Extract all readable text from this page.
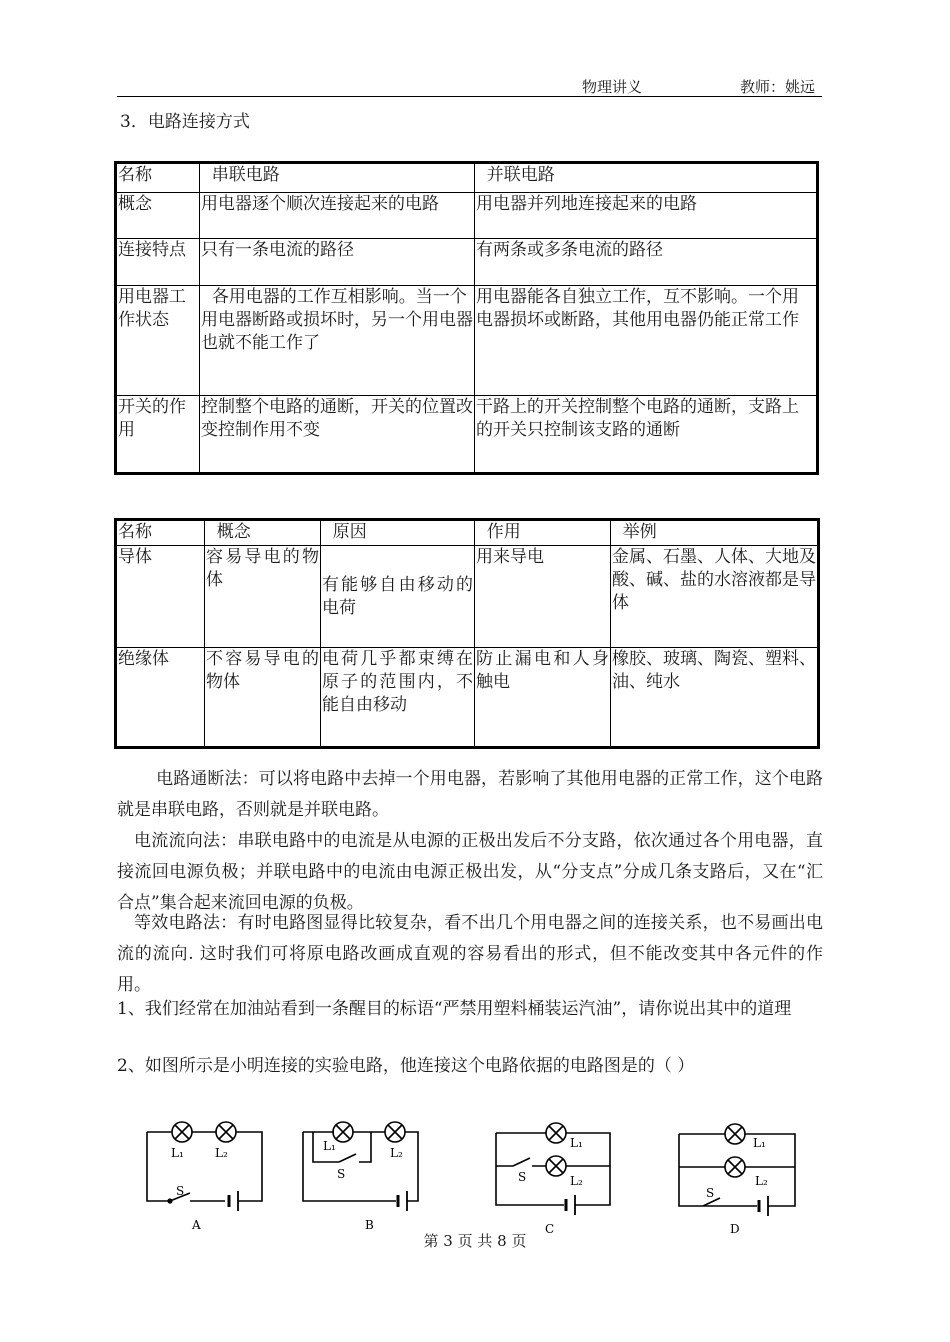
物理讲义	教师：姚远
3．电路连接方式
名称	串联电路	并联电路
概念	用电器逐个顺次连接起来的电路	用电器并列地连接起来的电路
连接特点	只有一条电流的路径	有两条或多条电流的路径
用电器工作状态	各用电器的工作互相影响。当一个用电器断路或损坏时，另一个用电器也就不能工作了	用电器能各自独立工作，互不影响。一个用电器损坏或断路，其他用电器仍能正常工作
开关的作用	控制整个电路的通断，开关的位置改变控制作用不变	干路上的开关控制整个电路的通断，支路上的开关只控制该支路的通断
名称	概念	原因	作用	举例
导体	容易导电的物体	有能够自由移动的电荷	用来导电	金属、石墨、人体、大地及酸、碱、盐的水溶液都是导体
绝缘体	不容易导电的物体	电荷几乎都束缚在原子的范围内，不能自由移动	防止漏电和人身触电	橡胶、玻璃、陶瓷、塑料、油、纯水
电路通断法：可以将电路中去掉一个用电器，若影响了其他用电器的正常工作，这个电路就是串联电路，否则就是并联电路。
电流流向法：串联电路中的电流是从电源的正极出发后不分支路，依次通过各个用电器，直接流回电源负极；并联电路中的电流由电源正极出发，从“分支点”分成几条支路后，又在“汇合点”集合起来流回电源的负极。
等效电路法：有时电路图显得比较复杂，看不出几个用电器之间的连接关系，也不易画出电流的流向. 这时我们可将原电路改画成直观的容易看出的形式，但不能改变其中各元件的作用。
1、我们经常在加油站看到一条醒目的标语“严禁用塑料桶装运汽油”，请你说出其中的道理
2、如图所示是小明连接的实验电路，他连接这个电路依据的电路图是的（ ）
L₁	L₂
S
L₁	L₂
S
L₁
L₂
S
L₁
L₂
S
A	B	C	D
第 3 页 共 8 页
